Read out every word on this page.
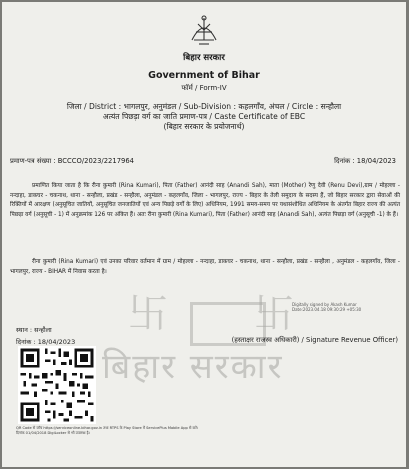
बिहार सरकार
Government of Bihar
फॉर्म / Form-IV
जिला / District : भागलपुर, अनुमंडल / Sub-Division : कहलगाँव, अंचल / Circle : सन्हौला
अत्यंत पिछड़ा वर्ग का जाति प्रमाण-पत्र / Caste Certificate of EBC
(बिहार सरकार के प्रयोजनार्थ)
प्रमाण-पत्र संख्या : BCCCO/2023/2217964	दिनांक : 18/04/2023

प्रमाणित किया जाता है कि रीना कुमारी (Rina Kumari), पिता (Father) आनंदी साह (Anandi Sah), माता (Mother) रेणु देवी (Renu Devi),ग्राम / मोहल्ला - नन्दाहा, डाकघर - चकनाथ, थाना - सन्हौला, प्रखंड - सन्हौला, अनुमंडल - कहलगाँव, जिला - भागलपुर, राज्य - बिहार के तेली समुदाय के सदस्य हैं, जो बिहार सरकार द्वारा सेवाओं की रिक्तियों में आरक्षण (अनुसूचित जातियों, अनुसूचित जनजातियों एवं अन्य पिछड़े वर्गों के लिए) अधिनियम, 1991 समय-समय पर यथासंशोधित अधिनियम के अंतर्गत बिहार राज्य की अत्यंत पिछड़ा वर्ग (अनुसूची - 1) में अनुक्रमांक 126 पर अंकित हैं। अतः रीना कुमारी (Rina Kumari), पिता (Father) आनंदी साह (Anandi Sah), अत्यंत पिछड़ा वर्ग (अनुसूची -1) के हैं।

रीना कुमारी (Rina Kumari) एवं उनका परिवार वर्तमान में ग्राम / मोहल्ला - नन्दाहा, डाकघर - चकनाथ, थाना - सन्हौला, प्रखंड - सन्हौला , अनुमंडल - कहलगाँव, जिला - भागलपुर, राज्य - BIHAR में निवास करता है।

卐 卐
बिहार सरकार
Digitally signed by Akash Kumar
Date:2023.04.18 09:30:29 +05:30
स्थान : सन्हौला
दिनांक : 18/04/2023	(हस्ताक्षर राजस्व अधिकारी) / Signature Revenue Officer)
QR Code से जाँच https://serviceonline.bihar.gov.in तथा RTPS के Play Store में ServicePlus Mobile App से करें।
दिनांक 01/04/2018 DigiLocker से भी उपलब्ध है।
